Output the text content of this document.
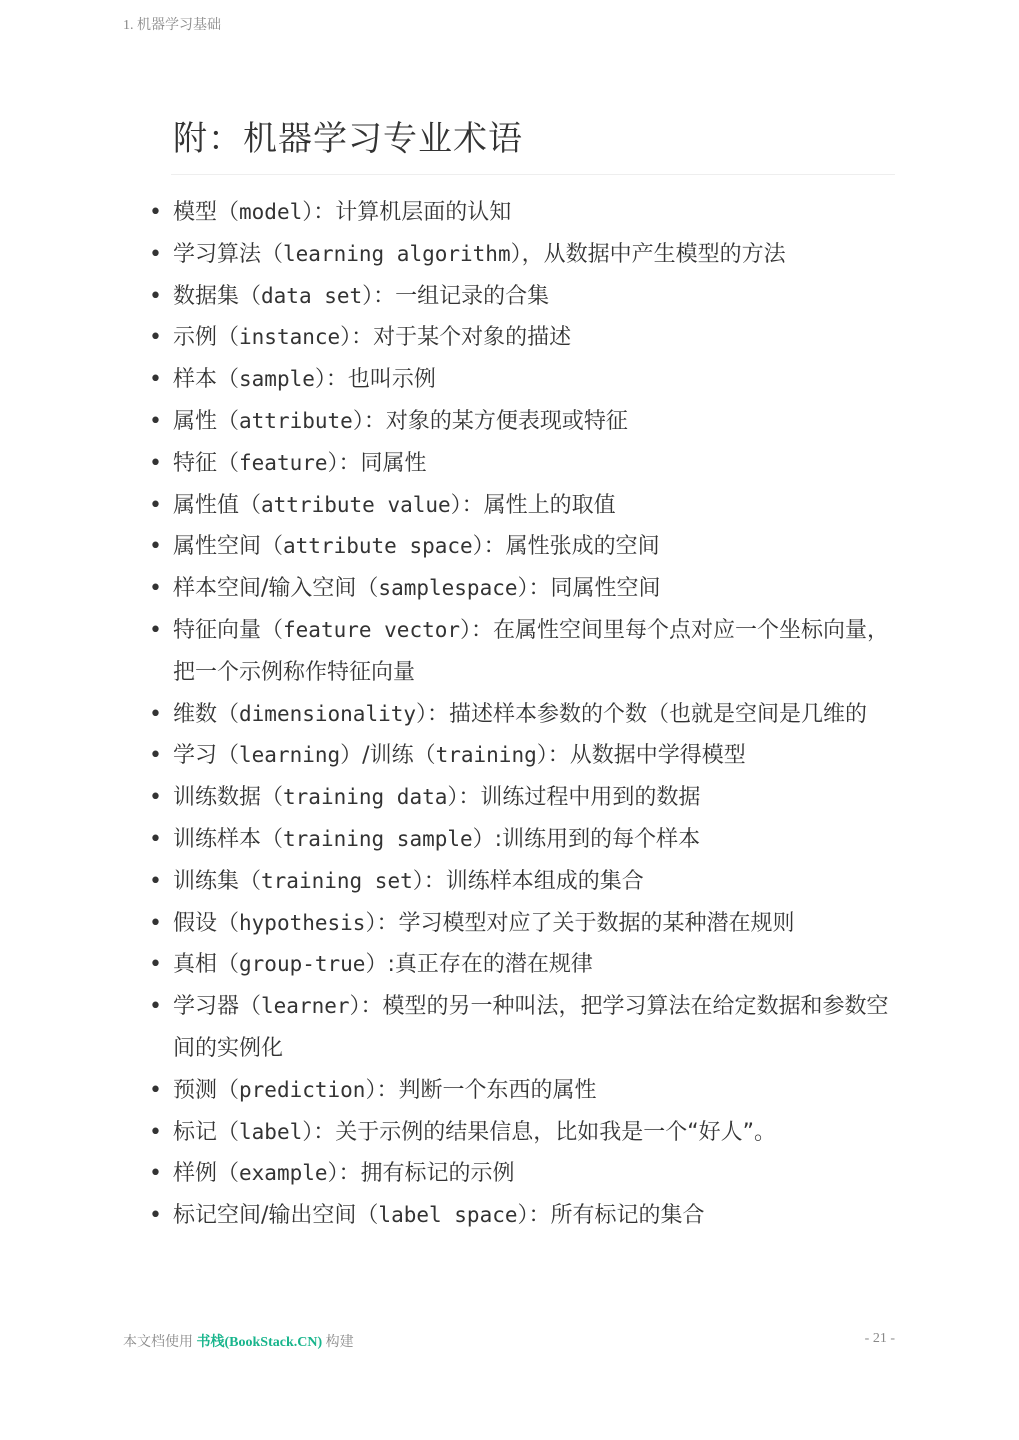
1. 机器学习基础
附：机器学习专业术语
• 模型（model）：计算机层面的认知
• 学习算法（learning algorithm），从数据中产生模型的方法
• 数据集（data set）：一组记录的合集
• 示例（instance）：对于某个对象的描述
• 样本（sample）：也叫示例
• 属性（attribute）：对象的某方便表现或特征
• 特征（feature）：同属性
• 属性值（attribute value）：属性上的取值
• 属性空间（attribute space）：属性张成的空间
• 样本空间/输入空间（samplespace）：同属性空间
• 特征向量（feature vector）：在属性空间里每个点对应一个坐标向量，把一个示例称作特征向量
• 维数（dimensionality）：描述样本参数的个数（也就是空间是几维的
• 学习（learning）/训练（training）：从数据中学得模型
• 训练数据（training data）：训练过程中用到的数据
• 训练样本（training sample）:训练用到的每个样本
• 训练集（training set）：训练样本组成的集合
• 假设（hypothesis）：学习模型对应了关于数据的某种潜在规则
• 真相（group-true）:真正存在的潜在规律
• 学习器（learner）：模型的另一种叫法，把学习算法在给定数据和参数空间的实例化
• 预测（prediction）：判断一个东西的属性
• 标记（label）：关于示例的结果信息，比如我是一个“好人”。
• 样例（example）：拥有标记的示例
• 标记空间/输出空间（label space）：所有标记的集合
本文档使用 书栈(BookStack.CN) 构建	- 21 -
